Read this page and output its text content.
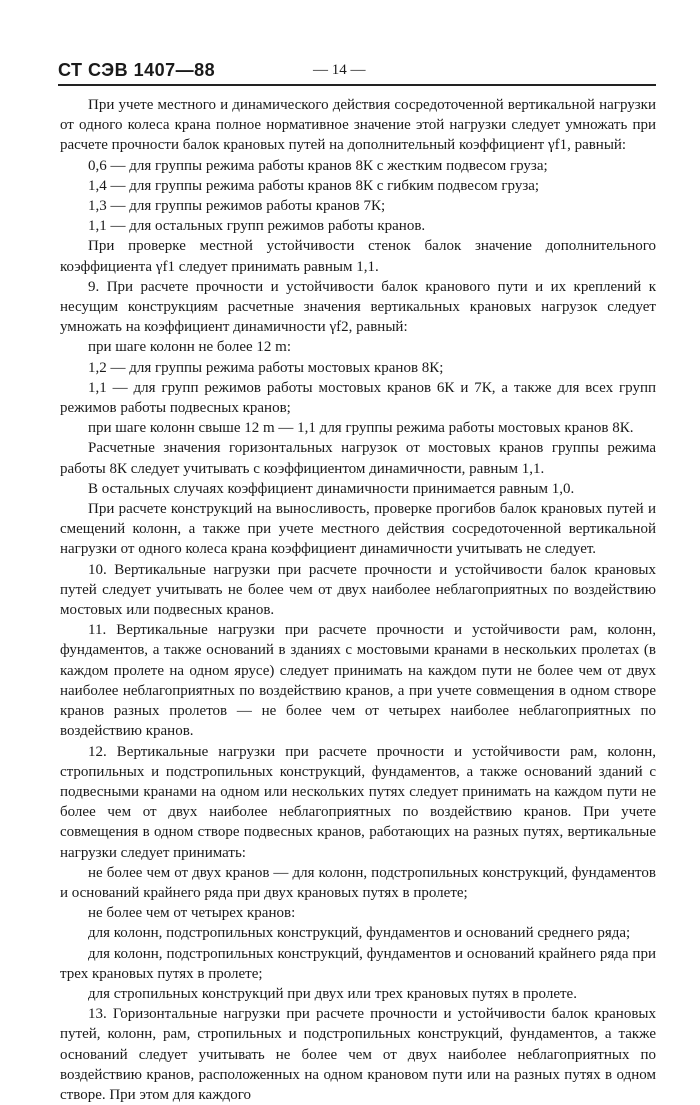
СТ СЭВ 1407—88	— 14 —

При учете местного и динамического действия сосредоточенной вертикальной нагрузки от одного колеса крана полное нормативное значение этой нагрузки следует умножать при расчете прочности балок крановых путей на дополнительный коэффициент γf1, равный:

0,6 — для группы режима работы кранов 8К с жестким подвесом груза;

1,4 — для группы режима работы кранов 8К с гибким подвесом груза;

1,3 — для группы режимов работы кранов 7К;

1,1 — для остальных групп режимов работы кранов.

При проверке местной устойчивости стенок балок значение дополнительного коэффициента γf1 следует принимать равным 1,1.

9. При расчете прочности и устойчивости балок кранового пути и их креплений к несущим конструкциям расчетные значения вертикальных крановых нагрузок следует умножать на коэффициент динамичности γf2, равный:

при шаге колонн не более 12 m:

1,2 — для группы режима работы мостовых кранов 8К;

1,1 — для групп режимов работы мостовых кранов 6К и 7К, а также для всех групп режимов работы подвесных кранов;

при шаге колонн свыше 12 m — 1,1 для группы режима работы мостовых кранов 8К.

Расчетные значения горизонтальных нагрузок от мостовых кранов группы режима работы 8К следует учитывать с коэффициентом динамичности, равным 1,1.

В остальных случаях коэффициент динамичности принимается равным 1,0.

При расчете конструкций на выносливость, проверке прогибов балок крановых путей и смещений колонн, а также при учете местного действия сосредоточенной вертикальной нагрузки от одного колеса крана коэффициент динамичности учитывать не следует.

10. Вертикальные нагрузки при расчете прочности и устойчивости балок крановых путей следует учитывать не более чем от двух наиболее неблагоприятных по воздействию мостовых или подвесных кранов.

11. Вертикальные нагрузки при расчете прочности и устойчивости рам, колонн, фундаментов, а также оснований в зданиях с мостовыми кранами в нескольких пролетах (в каждом пролете на одном ярусе) следует принимать на каждом пути не более чем от двух наиболее неблагоприятных по воздействию кранов, а при учете совмещения в одном створе кранов разных пролетов — не более чем от четырех наиболее неблагоприятных по воздействию кранов.

12. Вертикальные нагрузки при расчете прочности и устойчивости рам, колонн, стропильных и подстропильных конструкций, фундаментов, а также оснований зданий с подвесными кранами на одном или нескольких путях следует принимать на каждом пути не более чем от двух наиболее неблагоприятных по воздействию кранов. При учете совмещения в одном створе подвесных кранов, работающих на разных путях, вертикальные нагрузки следует принимать:

не более чем от двух кранов — для колонн, подстропильных конструкций, фундаментов и оснований крайнего ряда при двух крановых путях в пролете;

не более чем от четырех кранов:

для колонн, подстропильных конструкций, фундаментов и оснований среднего ряда;

для колонн, подстропильных конструкций, фундаментов и оснований крайнего ряда при трех крановых путях в пролете;

для стропильных конструкций при двух или трех крановых путях в пролете.

13. Горизонтальные нагрузки при расчете прочности и устойчивости балок крановых путей, колонн, рам, стропильных и подстропильных конструкций, фундаментов, а также оснований следует учитывать не более чем от двух наиболее неблагоприятных по воздействию кранов, расположенных на одном крановом пути или на разных путях в одном створе. При этом для каждого
